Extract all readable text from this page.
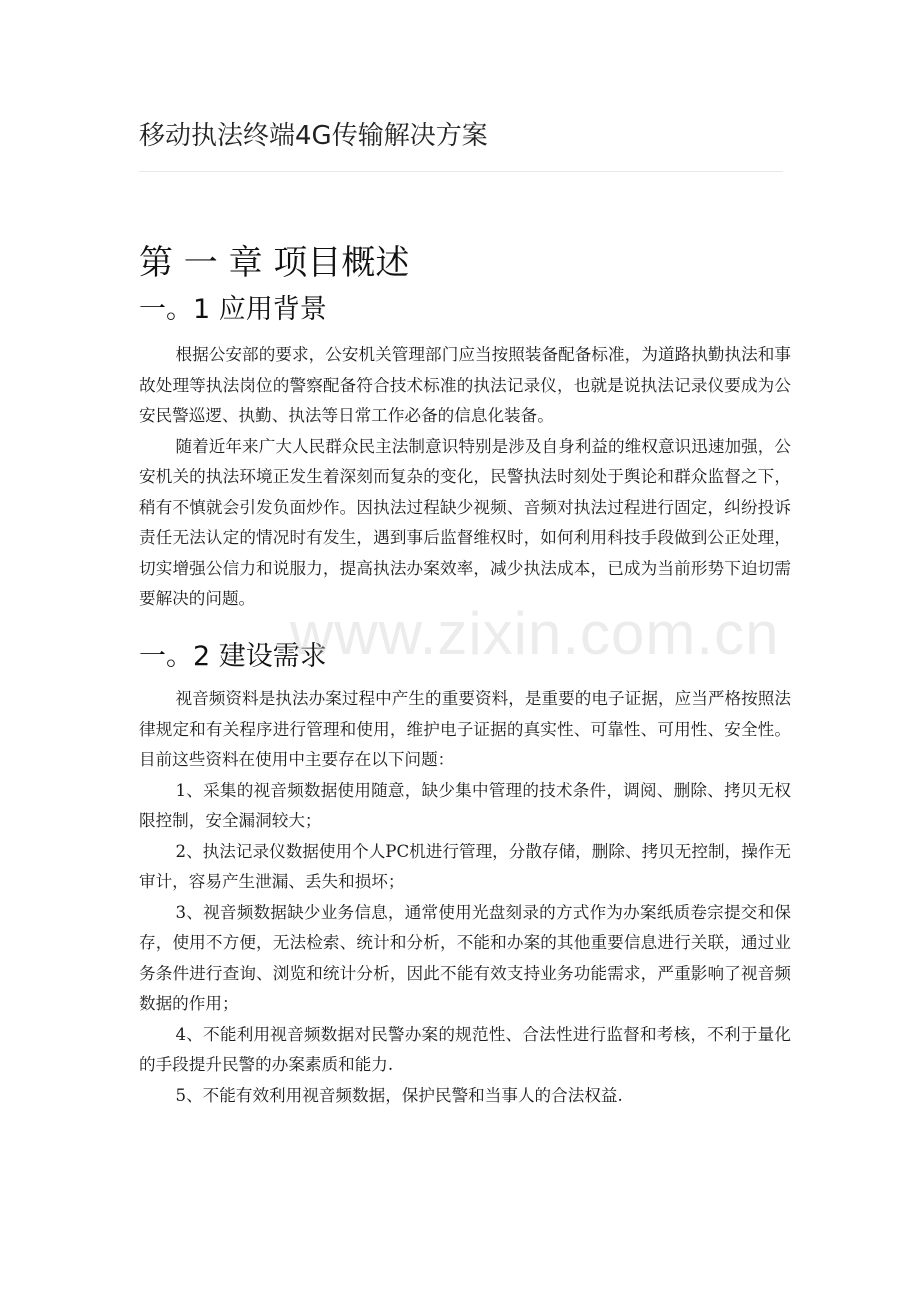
移动执法终端4G传输解决方案
第 一 章 项目概述
一。1 应用背景

根据公安部的要求，公安机关管理部门应当按照装备配备标准，为道路执勤执法和事故处理等执法岗位的警察配备符合技术标准的执法记录仪，也就是说执法记录仪要成为公安民警巡逻、执勤、执法等日常工作必备的信息化装备。

随着近年来广大人民群众民主法制意识特别是涉及自身利益的维权意识迅速加强，公安机关的执法环境正发生着深刻而复杂的变化，民警执法时刻处于舆论和群众监督之下，稍有不慎就会引发负面炒作。因执法过程缺少视频、音频对执法过程进行固定，纠纷投诉责任无法认定的情况时有发生，遇到事后监督维权时，如何利用科技手段做到公正处理，切实增强公信力和说服力，提高执法办案效率，减少执法成本，已成为当前形势下迫切需要解决的问题。

一。2 建设需求

视音频资料是执法办案过程中产生的重要资料，是重要的电子证据，应当严格按照法律规定和有关程序进行管理和使用，维护电子证据的真实性、可靠性、可用性、安全性。目前这些资料在使用中主要存在以下问题：

1、采集的视音频数据使用随意，缺少集中管理的技术条件，调阅、删除、拷贝无权限控制，安全漏洞较大；

2、执法记录仪数据使用个人PC机进行管理，分散存储，删除、拷贝无控制，操作无审计，容易产生泄漏、丢失和损坏；

3、视音频数据缺少业务信息，通常使用光盘刻录的方式作为办案纸质卷宗提交和保存，使用不方便，无法检索、统计和分析，不能和办案的其他重要信息进行关联，通过业务条件进行查询、浏览和统计分析，因此不能有效支持业务功能需求，严重影响了视音频数据的作用；

4、不能利用视音频数据对民警办案的规范性、合法性进行监督和考核，不利于量化的手段提升民警的办案素质和能力.

5、不能有效利用视音频数据，保护民警和当事人的合法权益.

www.zixin.com.cn
